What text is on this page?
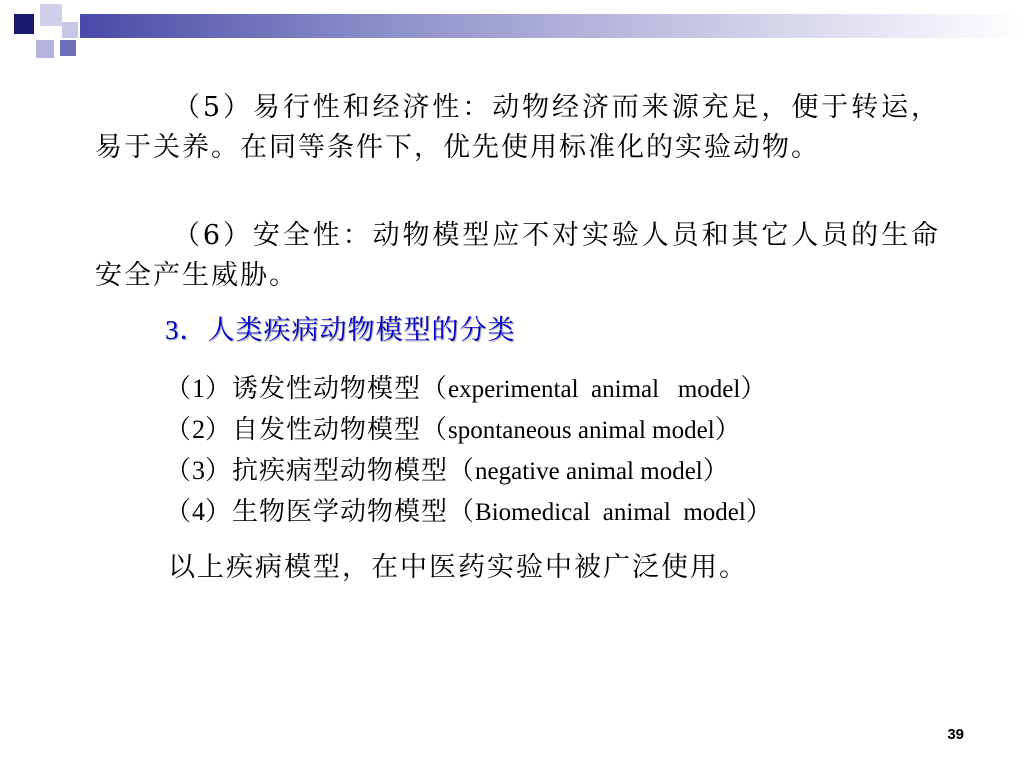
（5）易行性和经济性：动物经济而来源充足，便于转运，易于关养。在同等条件下，优先使用标准化的实验动物。

（6）安全性：动物模型应不对实验人员和其它人员的生命安全产生威胁。

3．人类疾病动物模型的分类
（ 1 ） 诱发性动物模型（ experimental  animal   model ）
（ 2 ） 自发性动物模型（ spontaneous animal model ）
（ 3 ） 抗疾病型动物模型（ negative animal model ）
（ 4 ） 生物医学动物模型（ Biomedical  animal  model ）
以上疾病模型，在中医药实验中被广泛使用。
39
